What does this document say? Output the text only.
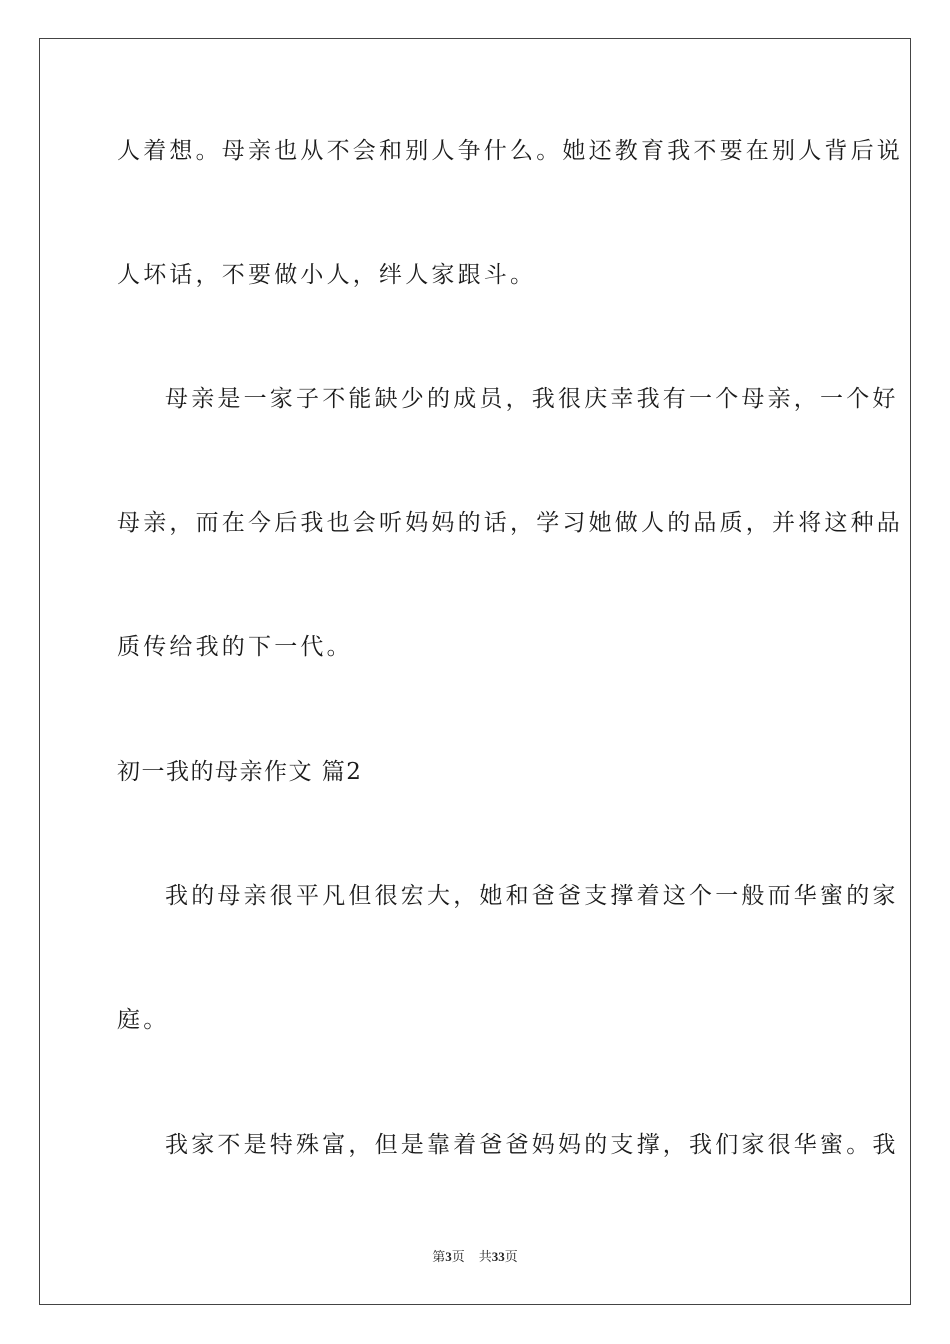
人着想。母亲也从不会和别人争什么。她还教育我不要在别人背后说
人坏话，不要做小人，绊人家跟斗。
母亲是一家子不能缺少的成员，我很庆幸我有一个母亲，一个好
母亲，而在今后我也会听妈妈的话，学习她做人的品质，并将这种品
质传给我的下一代。
初一我的母亲作文 篇2
我的母亲很平凡但很宏大，她和爸爸支撑着这个一般而华蜜的家
庭。
我家不是特殊富，但是靠着爸爸妈妈的支撑，我们家很华蜜。我
第3页 共33页
